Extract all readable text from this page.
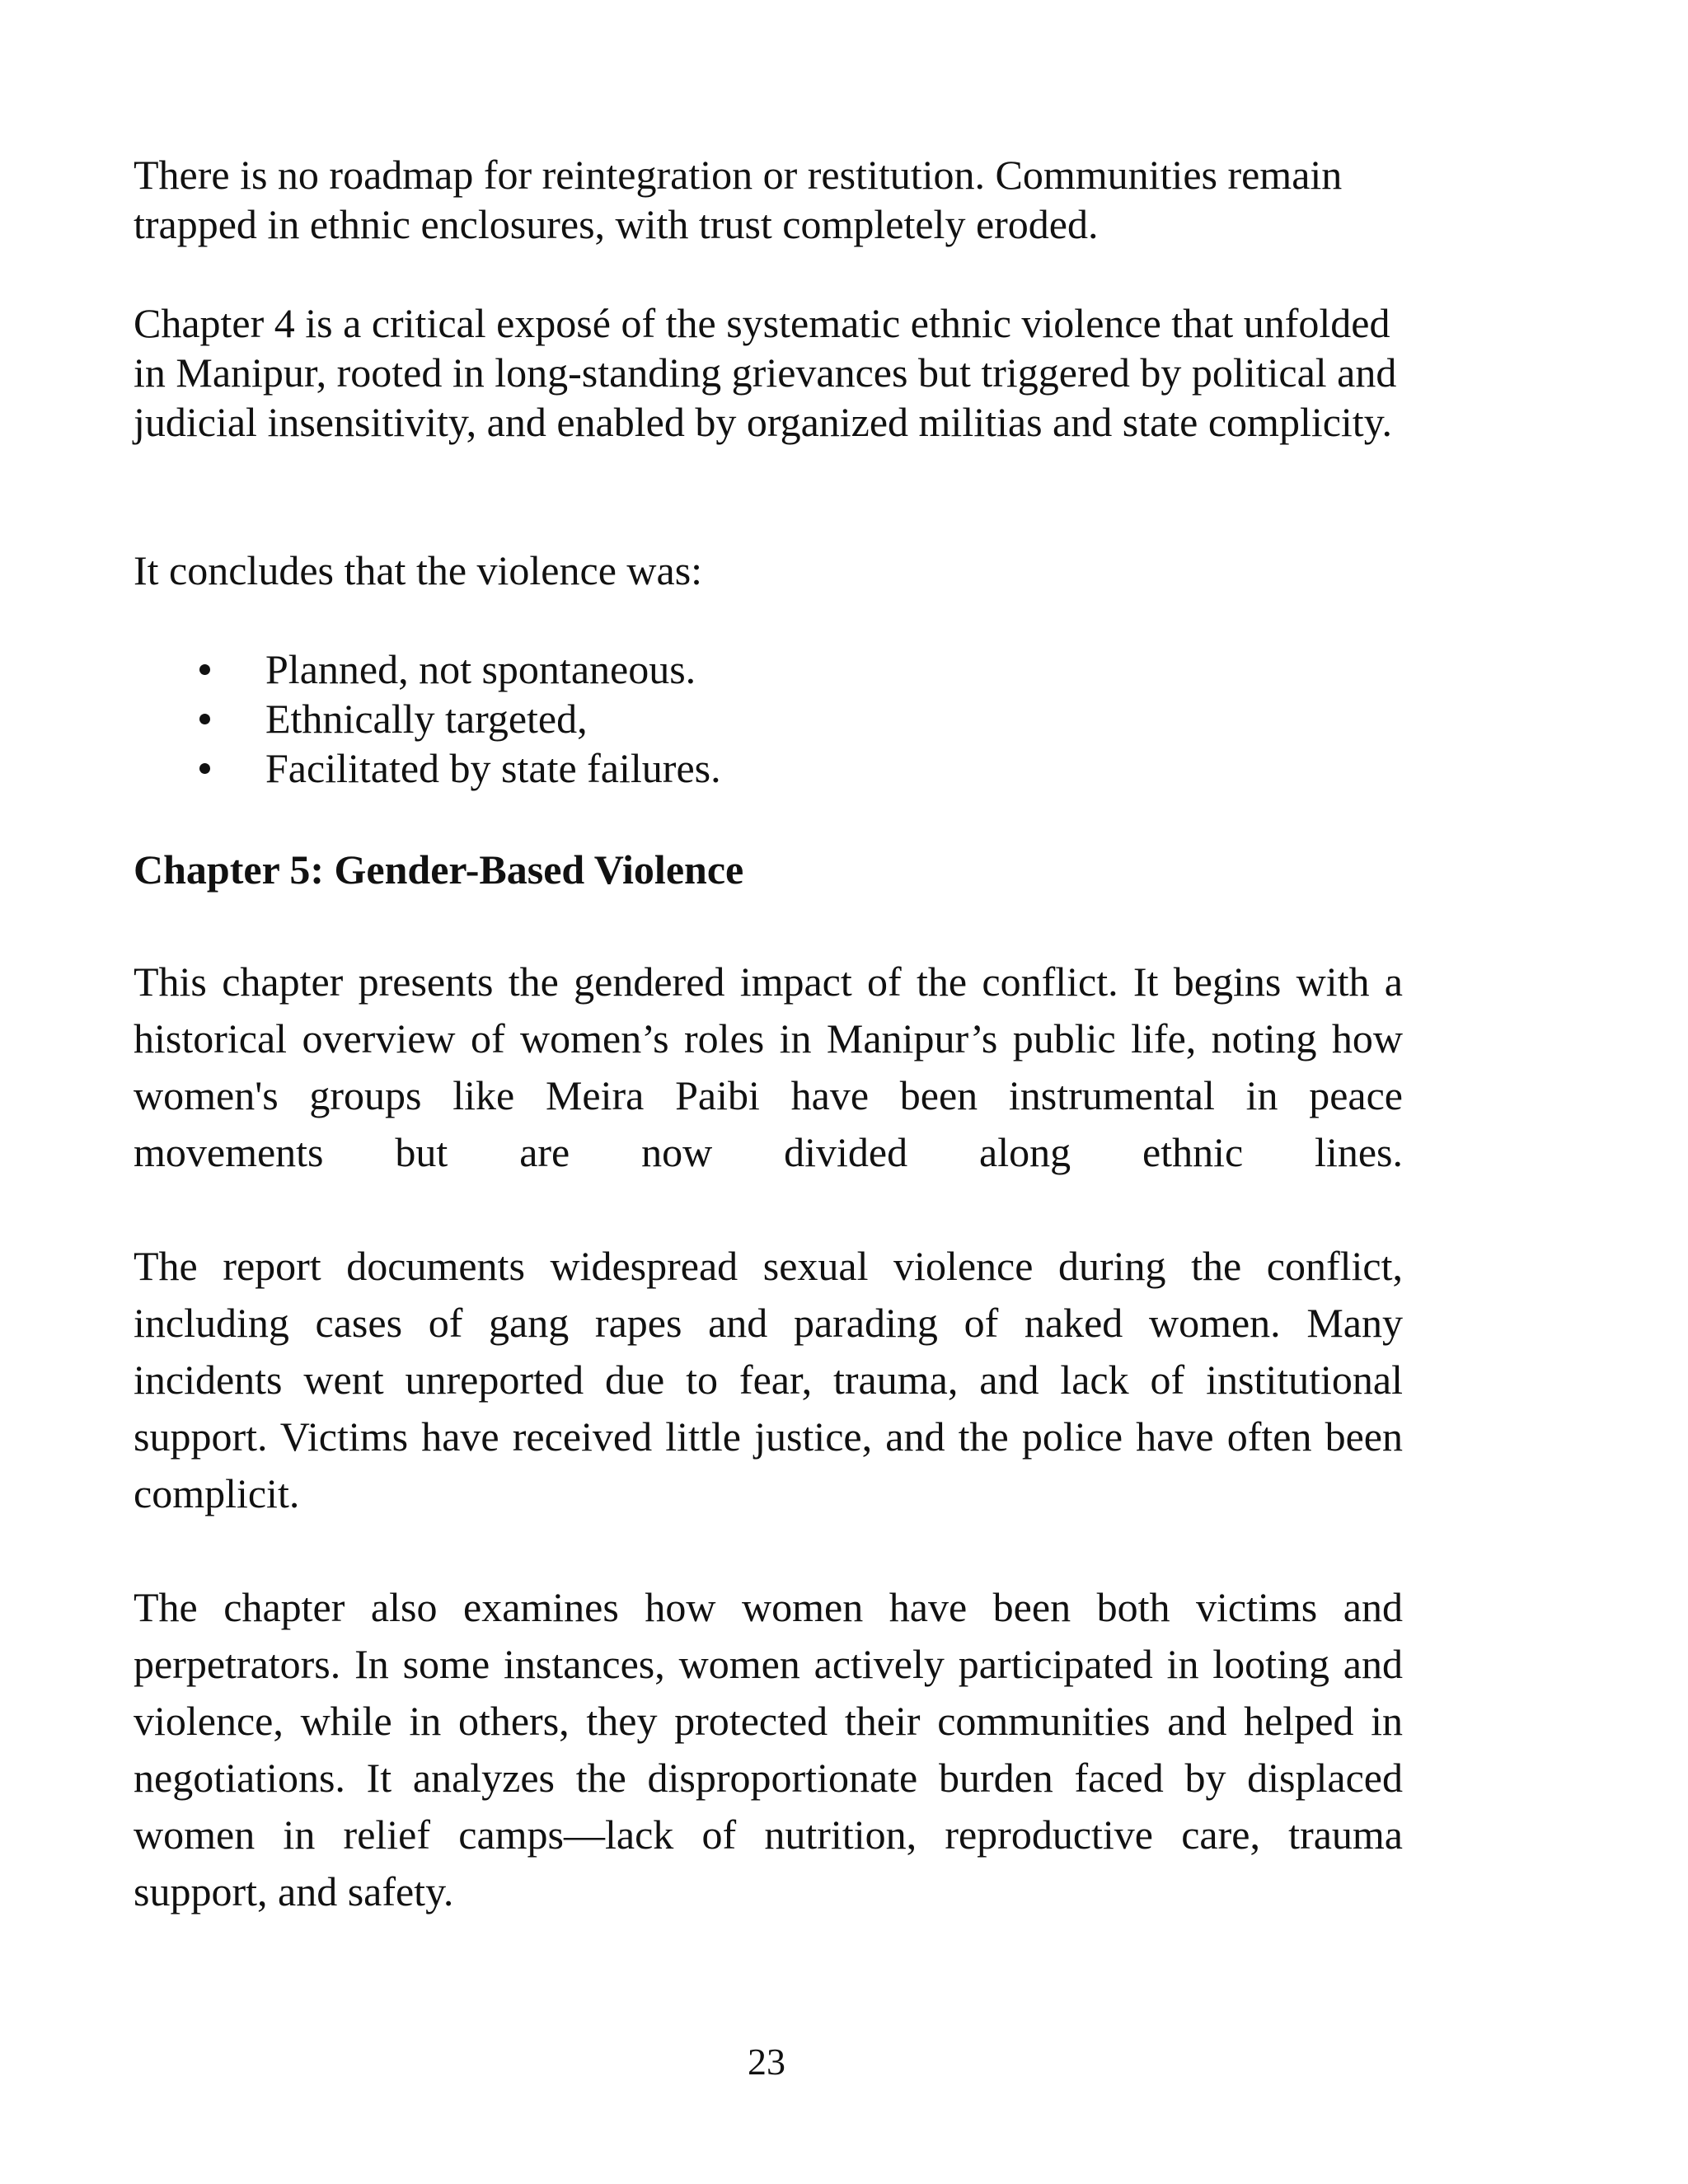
There is no roadmap for reintegration or restitution. Communities remain trapped in ethnic enclosures, with trust completely eroded.

Chapter 4 is a critical exposé of the systematic ethnic violence that unfolded in Manipur, rooted in long-standing grievances but triggered by political and judicial insensitivity, and enabled by organized militias and state complicity.

It concludes that the violence was:

Planned, not spontaneous.
Ethnically targeted,
Facilitated by state failures.
Chapter 5: Gender-Based Violence

This chapter presents the gendered impact of the conflict. It begins with a historical overview of women’s roles in Manipur’s public life, noting how women's groups like Meira Paibi have been instrumental in peace movements but are now divided along ethnic lines.

The report documents widespread sexual violence during the conflict, including cases of gang rapes and parading of naked women. Many incidents went unreported due to fear, trauma, and lack of institutional support. Victims have received little justice, and the police have often been complicit.

The chapter also examines how women have been both victims and perpetrators. In some instances, women actively participated in looting and violence, while in others, they protected their communities and helped in negotiations. It analyzes the disproportionate burden faced by displaced women in relief camps—lack of nutrition, reproductive care, trauma support, and safety.

23
